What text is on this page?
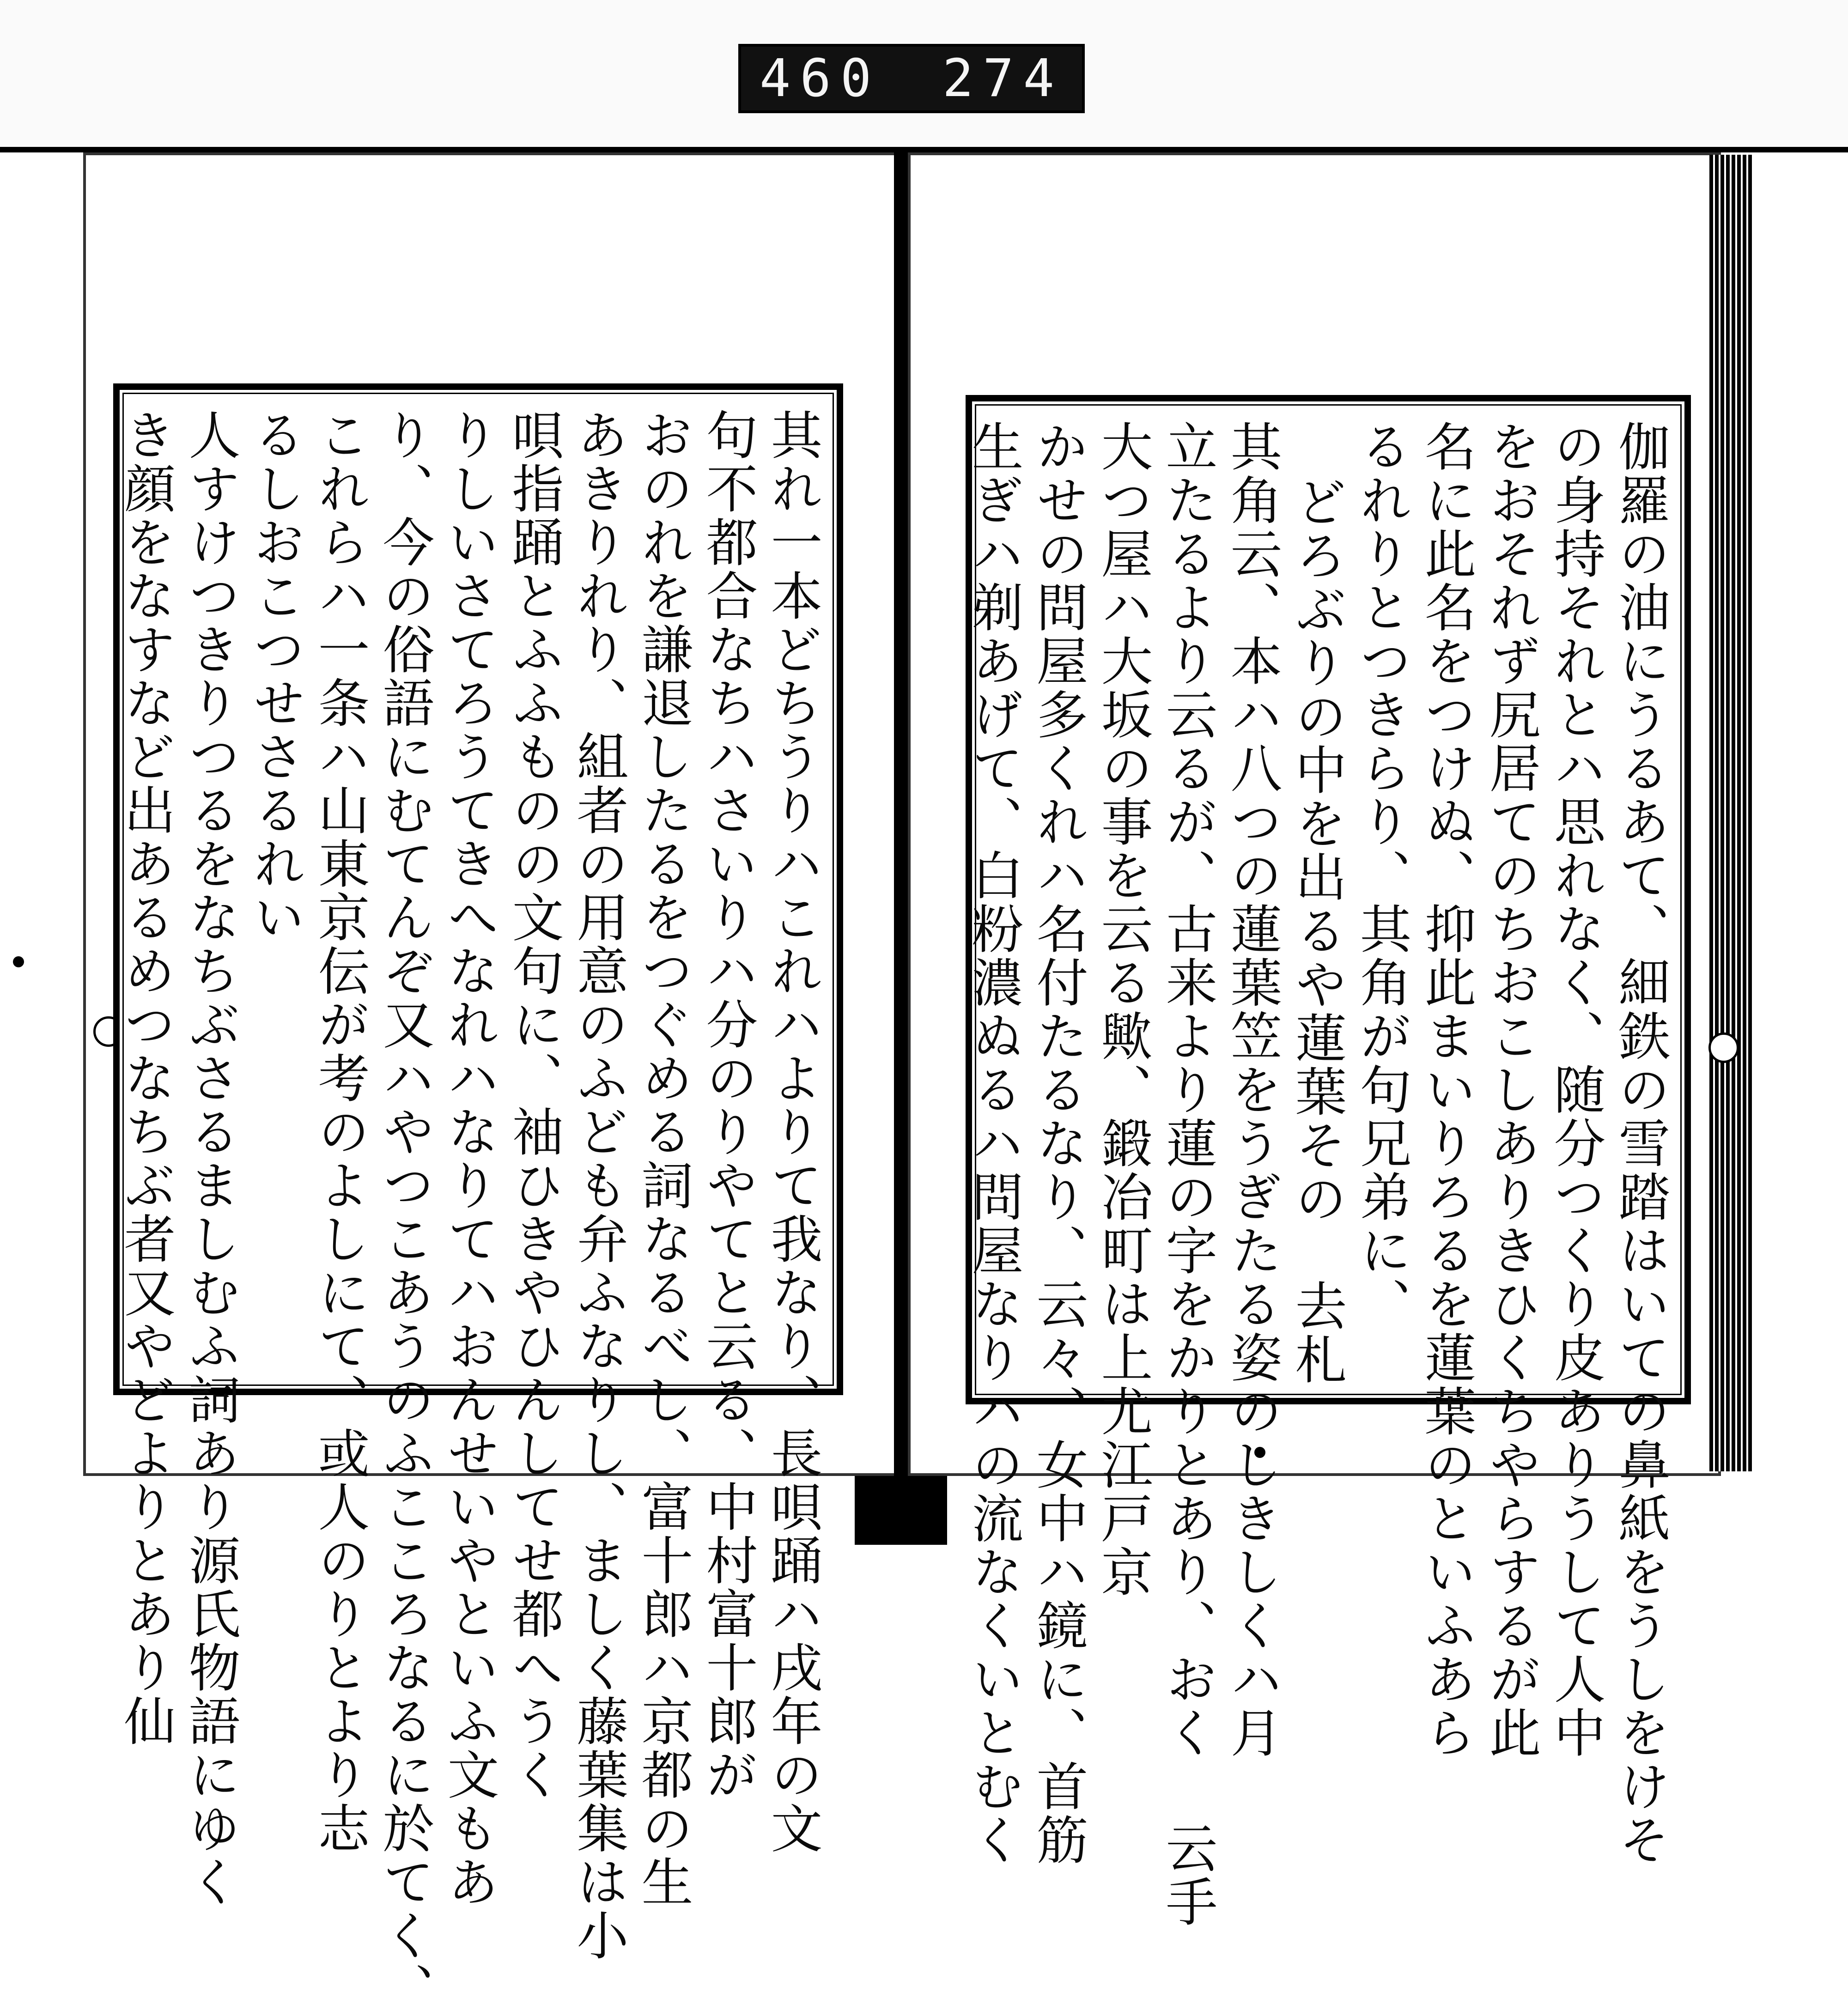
460 274
其れ一本どちうりハこれハよりて我なり、長唄踊ハ戌年の文
句不都合なちハさいりハ分のりやてと云る、中村富十郎が
おのれを謙退したるをつぐめる詞なるべし、富十郎ハ京都の生
あきりれり、組者の用意のふども弁ふなりし、ましく藤葉集は小
唄指踊とふふものの文句に、袖ひきやひんしてせ都へうく
りしいさてろうてきへなれハなりてハおんせいやといふ文もあ
り、今の俗語にむてんぞ又ハやつこあうのふこころなるに於てく、
これらハ一条ハ山東京伝が考のよしにて、或人のりとより志
るしおこつせさるれい
人すけつきりつるをなちぶさるましむふ詞あり源氏物語にゆく
き顔をなすなど出あるめつなちぶ者又やどよりとあり仙	伽羅の油にうるあて、細鉄の雪踏はいての鼻紙をうしをけそ
の身持それとハ思れなく、随分つくり皮ありうして人中
をおそれず尻居てのちおこしありきひくちやらするが此
名に此名をつけぬ、抑此まいりろるを蓮葉のといふあら
るれりとつきらり、其角が句兄弟に、
どろぶりの中を出るや蓮葉その　去札
其角云、本ハ八つの蓮葉笠をうぎたる姿のしきしくハ月
立たるより云るが、古来より蓮の字をかりとあり、おく 云手
大つ屋ハ大坂の事を云る歟、鍛冶町は上尤江戸京
かせの問屋多くれハ名付たるなり、云々、女中ハ鏡に、首筋
生ぎハ剃あげて、白粉濃ぬるハ問屋なりハの流なくいとむく
